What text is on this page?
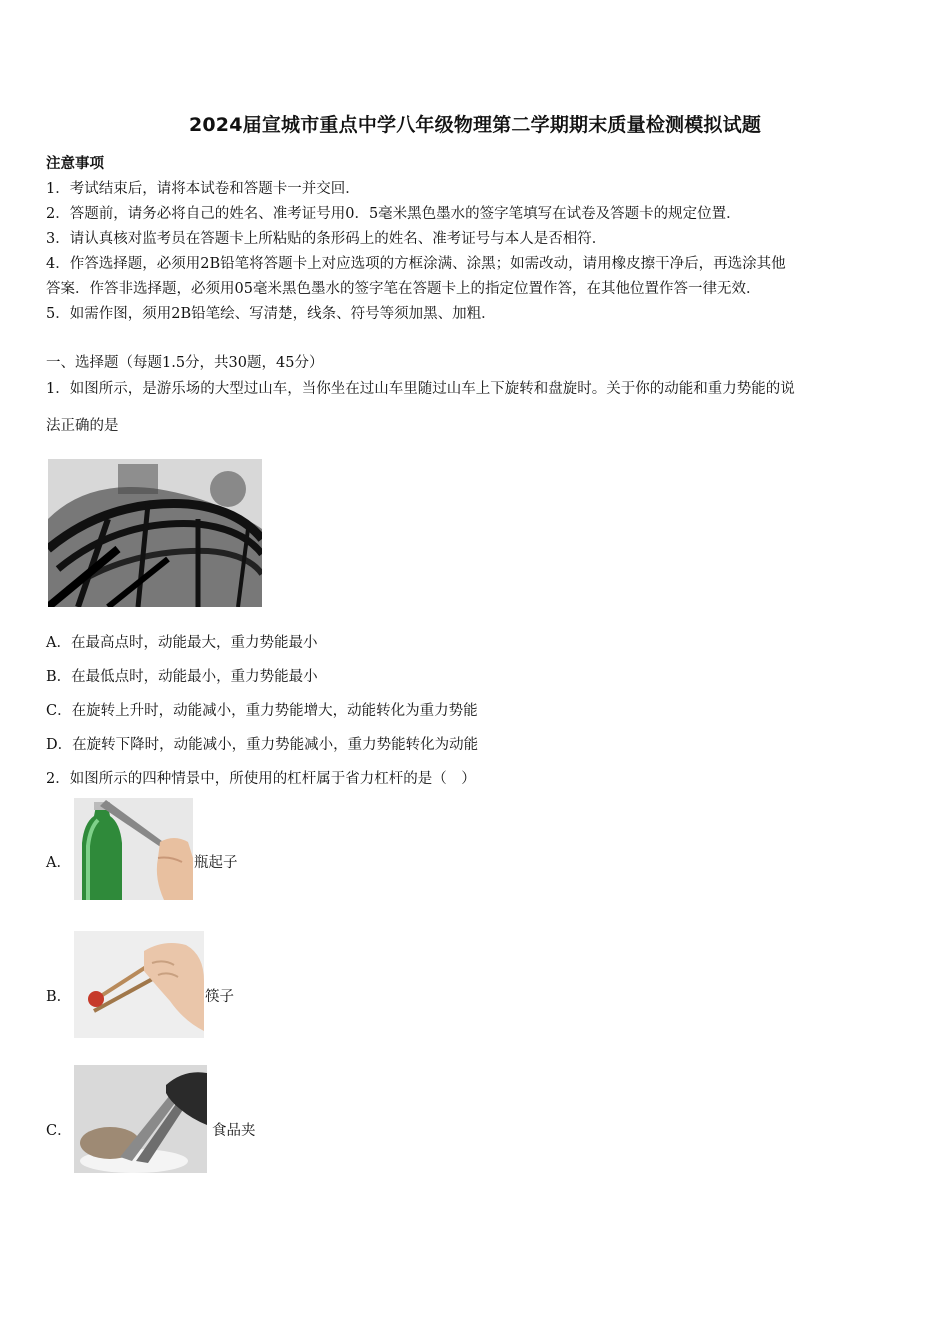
2024届宣城市重点中学八年级物理第二学期期末质量检测模拟试题
注意事项
1．考试结束后，请将本试卷和答题卡一并交回．
2．答题前，请务必将自己的姓名、准考证号用0．5毫米黑色墨水的签字笔填写在试卷及答题卡的规定位置．
3．请认真核对监考员在答题卡上所粘贴的条形码上的姓名、准考证号与本人是否相符．
4．作答选择题，必须用2B铅笔将答题卡上对应选项的方框涂满、涂黑；如需改动，请用橡皮擦干净后，再选涂其他
答案．作答非选择题，必须用05毫米黑色墨水的签字笔在答题卡上的指定位置作答，在其他位置作答一律无效．
5．如需作图，须用2B铅笔绘、写清楚，线条、符号等须加黑、加粗．
一、选择题（每题1.5分，共30题，45分）
1．如图所示，是游乐场的大型过山车，当你坐在过山车里随过山车上下旋转和盘旋时。关于你的动能和重力势能的说
法正确的是
A．在最高点时，动能最大，重力势能最小
B．在最低点时，动能最小，重力势能最小
C．在旋转上升时，动能减小，重力势能增大，动能转化为重力势能
D．在旋转下降时，动能减小，重力势能减小，重力势能转化为动能
2．如图所示的四种情景中，所使用的杠杆属于省力杠杆的是（　）
A．	瓶起子
B．	筷子
C．	食品夹
